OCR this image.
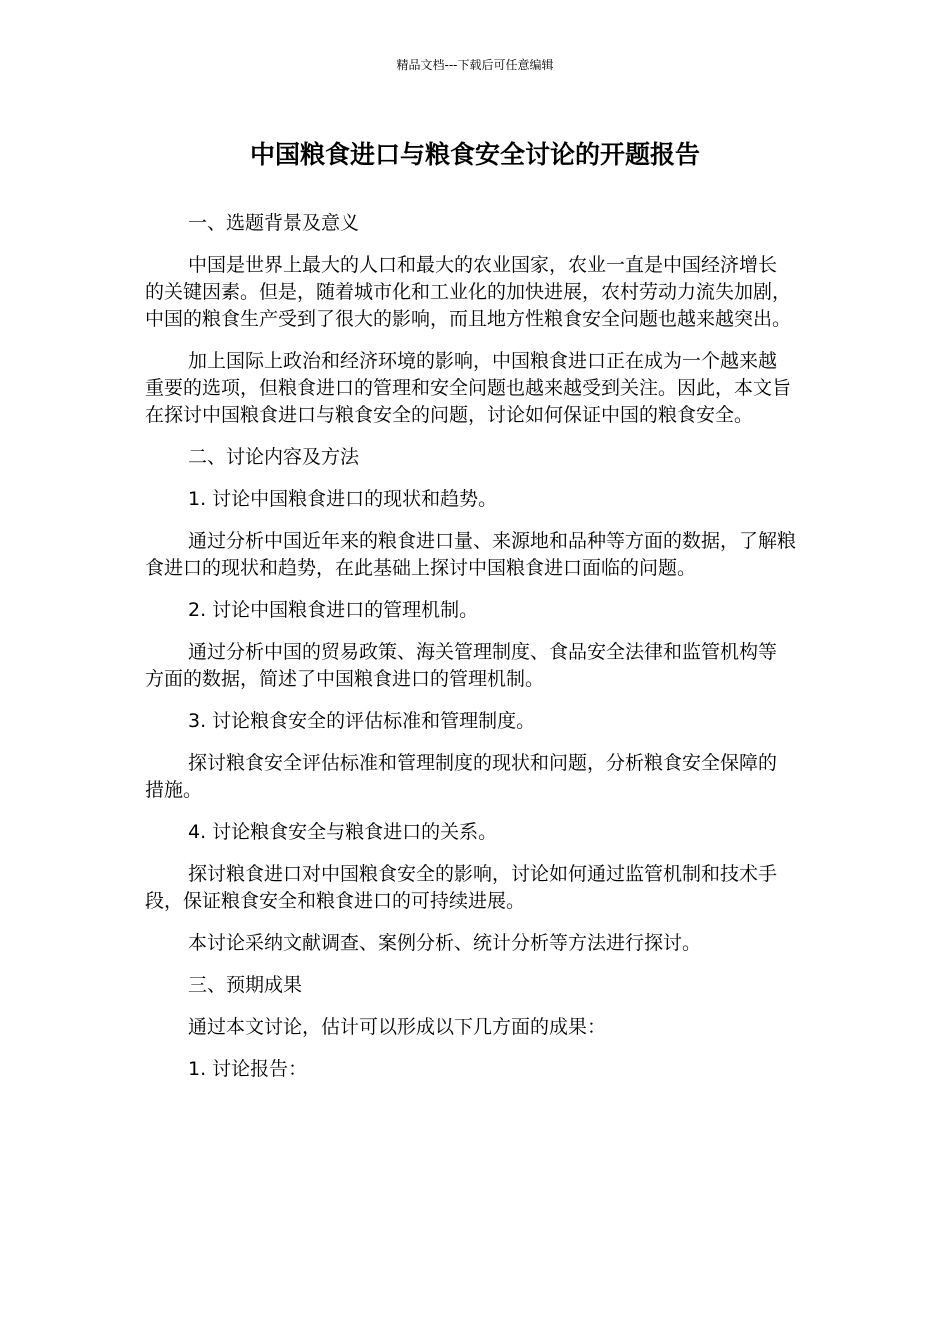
精品文档---下载后可任意编辑
中国粮食进口与粮食安全讨论的开题报告

一、选题背景及意义

中国是世界上最大的人口和最大的农业国家，农业一直是中国经济增长的关键因素。但是，随着城市化和工业化的加快进展，农村劳动力流失加剧，中国的粮食生产受到了很大的影响，而且地方性粮食安全问题也越来越突出。

加上国际上政治和经济环境的影响，中国粮食进口正在成为一个越来越重要的选项，但粮食进口的管理和安全问题也越来越受到关注。因此，本文旨在探讨中国粮食进口与粮食安全的问题，讨论如何保证中国的粮食安全。

二、讨论内容及方法

1. 讨论中国粮食进口的现状和趋势。

通过分析中国近年来的粮食进口量、来源地和品种等方面的数据，了解粮食进口的现状和趋势，在此基础上探讨中国粮食进口面临的问题。

2. 讨论中国粮食进口的管理机制。

通过分析中国的贸易政策、海关管理制度、食品安全法律和监管机构等方面的数据，简述了中国粮食进口的管理机制。

3. 讨论粮食安全的评估标准和管理制度。

探讨粮食安全评估标准和管理制度的现状和问题，分析粮食安全保障的措施。

4. 讨论粮食安全与粮食进口的关系。

探讨粮食进口对中国粮食安全的影响，讨论如何通过监管机制和技术手段，保证粮食安全和粮食进口的可持续进展。

本讨论采纳文献调查、案例分析、统计分析等方法进行探讨。

三、预期成果

通过本文讨论，估计可以形成以下几方面的成果：

1. 讨论报告：
